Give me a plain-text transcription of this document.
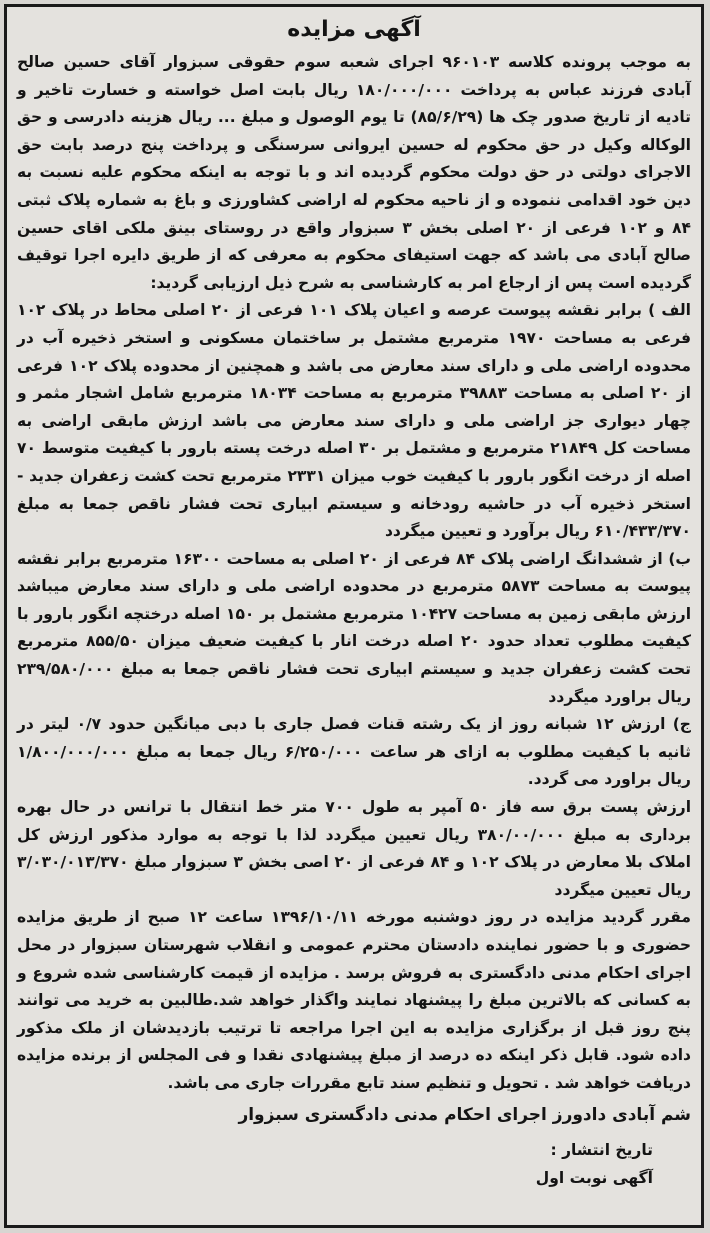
آگهی مزایده

به موجب پرونده کلاسه ۹۶۰۱۰۳ اجرای شعبه سوم حقوقی سبزوار آقای حسین صالح آبادی فرزند عباس به پرداخت ۱۸۰/۰۰۰/۰۰۰ ریال بابت اصل خواسته و خسارت تاخیر و تادیه از تاریخ صدور چک ها (۸۵/۶/۲۹) تا یوم الوصول و مبلغ ... ریال هزینه دادرسی و حق الوکاله وکیل در حق محکوم له حسین ایروانی سرسنگی و پرداخت پنج درصد بابت حق الاجرای دولتی در حق دولت محکوم گردیده اند و با توجه به اینکه محکوم علیه نسبت به دین خود اقدامی ننموده و از ناحیه محکوم له اراضی کشاورزی و باغ به شماره پلاک ثبتی ۸۴ و ۱۰۲ فرعی از ۲۰ اصلی بخش ۳ سبزوار واقع در روستای بینق ملکی اقای حسین صالح آبادی می باشد که جهت استیفای محکوم به معرفی که از طریق دایره اجرا توقیف گردیده است پس از ارجاع امر به کارشناسی به شرح ذیل ارزیابی گردید:

الف ) برابر نقشه پیوست عرصه و اعیان پلاک ۱۰۱ فرعی از ۲۰ اصلی محاط در پلاک ۱۰۲ فرعی به مساحت ۱۹۷۰ مترمربع مشتمل بر ساختمان مسکونی و استخر ذخیره آب در محدوده اراضی ملی و دارای سند معارض می باشد و همچنین از محدوده پلاک ۱۰۲ فرعی از ۲۰ اصلی به مساحت ۳۹۸۸۳ مترمربع به مساحت ۱۸۰۳۴ مترمربع شامل اشجار مثمر و چهار دیواری جز اراضی ملی و دارای سند معارض می باشد ارزش مابقی اراضی به مساحت کل ۲۱۸۴۹ مترمربع و مشتمل بر ۳۰ اصله درخت پسته بارور با کیفیت متوسط ۷۰ اصله از درخت انگور بارور با کیفیت خوب میزان ۲۳۳۱ مترمربع تحت کشت زعفران جدید - استخر ذخیره آب در حاشیه رودخانه و سیستم ابیاری تحت فشار ناقص جمعا به مبلغ ۶۱۰/۴۳۳/۳۷۰ ریال برآورد و تعیین میگردد

ب) از ششدانگ اراضی پلاک ۸۴ فرعی از ۲۰ اصلی به مساحت ۱۶۳۰۰ مترمربع برابر نقشه پیوست به مساحت ۵۸۷۳ مترمربع در محدوده اراضی ملی و دارای سند معارض میباشد ارزش مابقی زمین به مساحت ۱۰۴۲۷ مترمربع مشتمل بر ۱۵۰ اصله درختچه انگور بارور با کیفیت مطلوب تعداد حدود ۲۰ اصله درخت انار با کیفیت ضعیف میزان ۸۵۵/۵۰ مترمربع تحت کشت زعفران جدید و سیستم ابیاری تحت فشار ناقص جمعا به مبلغ ۲۳۹/۵۸۰/۰۰۰ ریال براورد میگردد

ج) ارزش ۱۲ شبانه روز از یک رشته قنات فصل جاری با دبی میانگین حدود ۰/۷ لیتر در ثانیه با کیفیت مطلوب به ازای هر ساعت ۶/۲۵۰/۰۰۰ ریال جمعا به مبلغ ۱/۸۰۰/۰۰۰/۰۰۰ ریال براورد می گردد.

ارزش پست برق سه فاز ۵۰ آمپر به طول ۷۰۰ متر خط انتقال با ترانس در حال بهره برداری به مبلغ ۳۸۰/۰۰/۰۰۰ ریال تعیین میگردد لذا با توجه به موارد مذکور ارزش کل املاک بلا معارض در پلاک ۱۰۲ و ۸۴ فرعی از ۲۰ اصی بخش ۳ سبزوار مبلغ ۳/۰۳۰/۰۱۳/۳۷۰ ریال تعیین میگردد

مقرر گردید مزایده در روز دوشنبه مورخه ۱۳۹۶/۱۰/۱۱ ساعت ۱۲ صبح از طریق مزایده حضوری و با حضور نماینده دادستان محترم عمومی و انقلاب شهرستان سبزوار در محل اجرای احکام مدنی دادگستری به فروش برسد . مزایده از قیمت کارشناسی شده شروع و به کسانی که بالاترین مبلغ را پیشنهاد نمایند واگذار خواهد شد.طالبین به خرید می توانند پنج روز قبل از برگزاری مزایده به این اجرا مراجعه تا ترتیب بازدیدشان از ملک مذکور داده شود. قابل ذکر اینکه ده درصد از مبلغ پیشنهادی نقدا و فی المجلس از برنده مزایده دریافت خواهد شد . تحویل و تنظیم سند تابع مقررات جاری می باشد.

شم آبادی دادورز اجرای احکام مدنی دادگستری سبزوار
تاریخ انتشار :
آگهی نوبت اول
